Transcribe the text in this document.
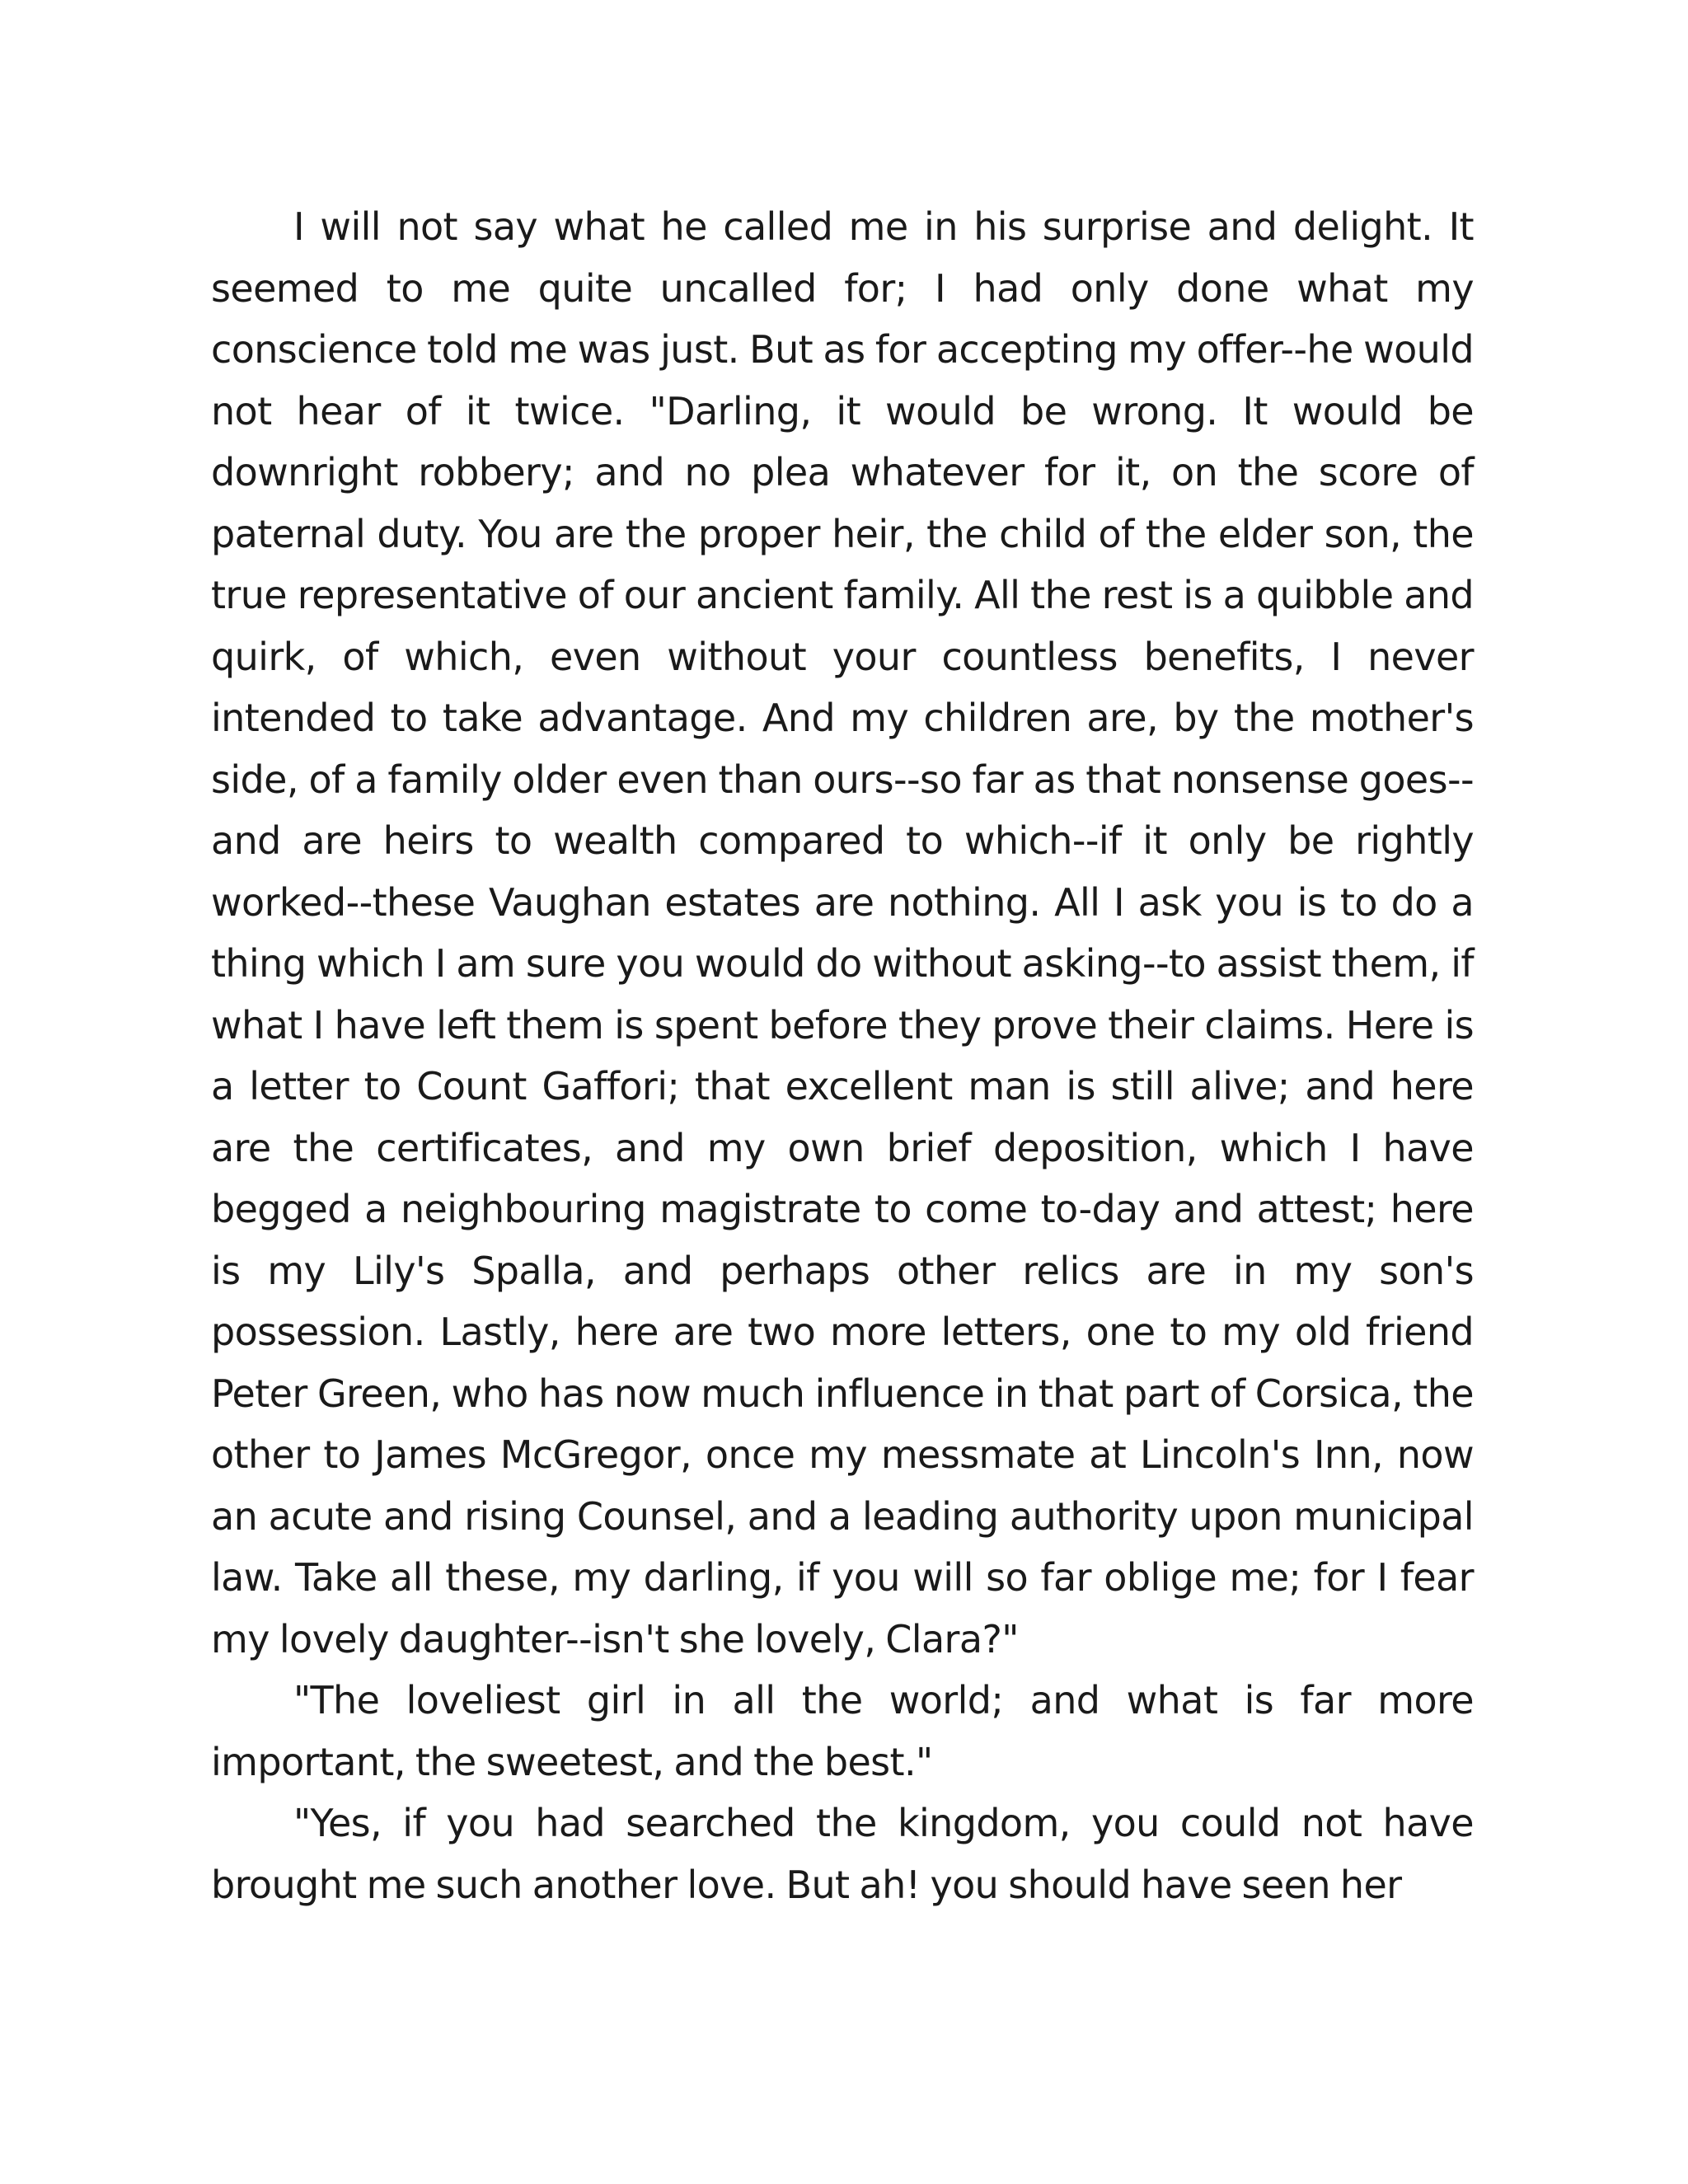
I will not say what he called me in his surprise and delight. It seemed to me quite uncalled for; I had only done what my conscience told me was just. But as for accepting my offer--he would not hear of it twice. "Darling, it would be wrong. It would be downright robbery; and no plea whatever for it, on the score of paternal duty. You are the proper heir, the child of the elder son, the true representative of our ancient family. All the rest is a quibble and quirk, of which, even without your countless benefits, I never intended to take advantage. And my children are, by the mother's side, of a family older even than ours--so far as that nonsense goes--and are heirs to wealth compared to which--if it only be rightly worked--these Vaughan estates are nothing. All I ask you is to do a thing which I am sure you would do without asking--to assist them, if what I have left them is spent before they prove their claims. Here is a letter to Count Gaffori; that excellent man is still alive; and here are the certificates, and my own brief deposition, which I have begged a neighbouring magistrate to come to-day and attest; here is my Lily's Spalla, and perhaps other relics are in my son's possession. Lastly, here are two more letters, one to my old friend Peter Green, who has now much influence in that part of Corsica, the other to James McGregor, once my messmate at Lincoln's Inn, now an acute and rising Counsel, and a leading authority upon municipal law. Take all these, my darling, if you will so far oblige me; for I fear my lovely daughter--isn't she lovely, Clara?"

"The loveliest girl in all the world; and what is far more important, the sweetest, and the best."

"Yes, if you had searched the kingdom, you could not have brought me such another love. But ah! you should have seen her
